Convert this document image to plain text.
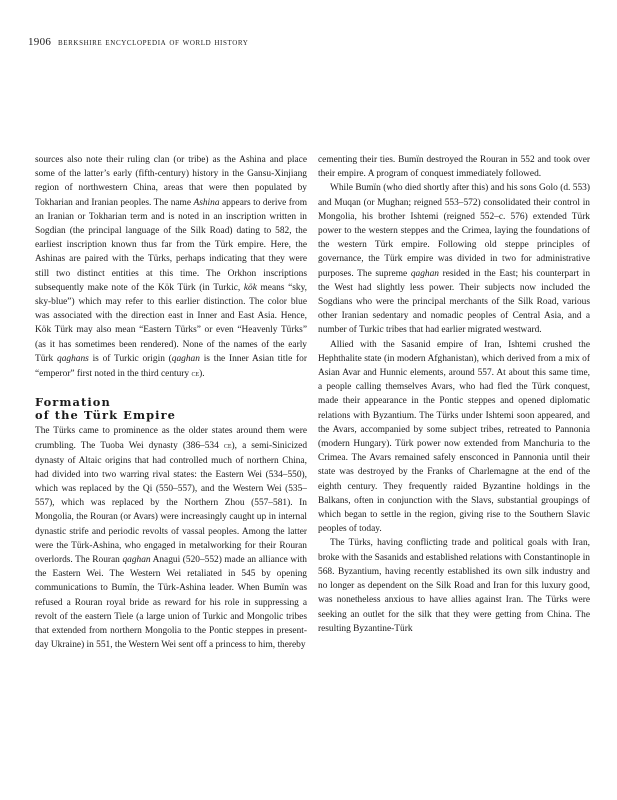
1906 berkshire encyclopedia of world history

sources also note their ruling clan (or tribe) as the Ashina and place some of the latter’s early (fifth-century) history in the Gansu-Xinjiang region of northwestern China, areas that were then populated by Tokharian and Iranian peoples. The name Ashina appears to derive from an Iranian or Tokharian term and is noted in an inscription written in Sogdian (the principal language of the Silk Road) dating to 582, the earliest inscription known thus far from the Türk empire. Here, the Ashinas are paired with the Türks, perhaps indicating that they were still two distinct entities at this time. The Orkhon inscriptions subsequently make note of the Kök Türk (in Turkic, kök means “sky, sky-blue”) which may refer to this earlier distinction. The color blue was associated with the direction east in Inner and East Asia. Hence, Kök Türk may also mean “Eastern Türks” or even “Heavenly Türks” (as it has sometimes been rendered). None of the names of the early Türk qaghans is of Turkic origin (qaghan is the Inner Asian title for “emperor” first noted in the third century ce).

Formation
of the Türk Empire

The Türks came to prominence as the older states around them were crumbling. The Tuoba Wei dynasty (386–534 ce), a semi-Sinicized dynasty of Altaic origins that had controlled much of northern China, had divided into two warring rival states: the Eastern Wei (534–550), which was replaced by the Qi (550–557), and the Western Wei (535–557), which was replaced by the Northern Zhou (557–581). In Mongolia, the Rouran (or Avars) were increasingly caught up in internal dynastic strife and periodic revolts of vassal peoples. Among the latter were the Türk-Ashina, who engaged in metalworking for their Rouran overlords. The Rouran qaghan Anagui (520–552) made an alliance with the Eastern Wei. The Western Wei retaliated in 545 by opening communications to Bumïn, the Türk-Ashina leader. When Bumïn was refused a Rouran royal bride as reward for his role in suppressing a revolt of the eastern Tiele (a large union of Turkic and Mongolic tribes that extended from northern Mongolia to the Pontic steppes in present-day Ukraine) in 551, the Western Wei sent off a princess to him, thereby

cementing their ties. Bumïn destroyed the Rouran in 552 and took over their empire. A program of conquest immediately followed.

While Bumïn (who died shortly after this) and his sons Golo (d. 553) and Muqan (or Mughan; reigned 553–572) consolidated their control in Mongolia, his brother Ishtemi (reigned 552–c. 576) extended Türk power to the western steppes and the Crimea, laying the foundations of the western Türk empire. Following old steppe principles of governance, the Türk empire was divided in two for administrative purposes. The supreme qaghan resided in the East; his counterpart in the West had slightly less power. Their subjects now included the Sogdians who were the principal merchants of the Silk Road, various other Iranian sedentary and nomadic peoples of Central Asia, and a number of Turkic tribes that had earlier migrated westward.

Allied with the Sasanid empire of Iran, Ishtemi crushed the Hephthalite state (in modern Afghanistan), which derived from a mix of Asian Avar and Hunnic elements, around 557. At about this same time, a people calling themselves Avars, who had fled the Türk conquest, made their appearance in the Pontic steppes and opened diplomatic relations with Byzantium. The Türks under Ishtemi soon appeared, and the Avars, accompanied by some subject tribes, retreated to Pannonia (modern Hungary). Türk power now extended from Manchuria to the Crimea. The Avars remained safely ensconced in Pannonia until their state was destroyed by the Franks of Charlemagne at the end of the eighth century. They frequently raided Byzantine holdings in the Balkans, often in conjunction with the Slavs, substantial groupings of which began to settle in the region, giving rise to the Southern Slavic peoples of today.

The Türks, having conflicting trade and political goals with Iran, broke with the Sasanids and established relations with Constantinople in 568. Byzantium, having recently established its own silk industry and no longer as dependent on the Silk Road and Iran for this luxury good, was nonetheless anxious to have allies against Iran. The Türks were seeking an outlet for the silk that they were getting from China. The resulting Byzantine-Türk
